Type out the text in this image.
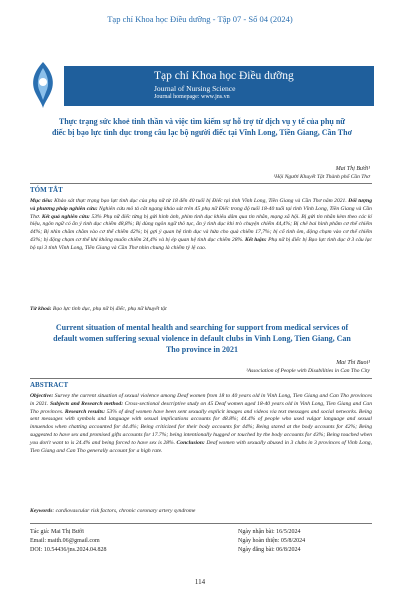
Tạp chí Khoa học Điều dưỡng - Tập 07 - Số 04 (2024)
Tạp chí Khoa học Điều dưỡng
Journal of Nursing Science
Journal homepage: www.jns.vn
Thực trạng sức khoẻ tinh thần và việc tìm kiếm sự hỗ trợ từ dịch vụ y tế của phụ nữ điếc bị bạo lực tình dục trong câu lạc bộ người điếc tại Vĩnh Long, Tiền Giang, Cần Thơ
Mai Thị Bưởi¹
¹Hội Người Khuyết Tật Thành phố Cần Thơ
TÓM TẮT
Mục tiêu: Khảo sát thực trạng bạo lực tình dục của phụ nữ từ 18 đến 40 tuổi bị Điếc tại tỉnh Vĩnh Long, Tiền Giang và Cần Thơ năm 2021. Đối tượng và phương pháp nghiên cứu: Nghiên cứu mô tả cắt ngang khảo sát trên 45 phụ nữ Điếc trong độ tuổi 18-40 tuổi tại tỉnh Vĩnh Long, Tiền Giang và Cần Thơ. Kết quả nghiên cứu: 53% Phụ nữ điếc từng bị gửi hình ảnh, phim tình dục khiêu dâm qua tin nhắn, mạng xã hội. Bị gửi tin nhắn kèm theo các kí hiệu, ngôn ngữ có ẩn ý tình dục chiếm 48,8%; Bị dùng ngôn ngữ thô tục, ẩn ý tình dục khi trò chuyện chiếm 44,4%; Bị chê bai hình phẩm cơ thể chiếm 44%; Bị nhìn chằm chằm vào cơ thể chiếm 42%; bị gợi ý quan hệ tình dục và hứa cho quà chiếm 17,7%; bị cố tình ôm, động chạm vào cơ thể chiếm 43%; bị động chạm cơ thể khi không muốn chiếm 24,4% và bị ép quan hệ tình dục chiếm 28%. Kết luận: Phụ nữ bị điếc bị Bạo lực tình dục ở 3 câu lạc bộ tại 3 tỉnh Vĩnh Long, Tiền Giang và Cần Thơ nhìn chung là chiếm tỷ lệ cao.
Từ khoá: Bạo lực tình dục, phụ nữ bị điếc, phụ nữ khuyết tật
Current situation of mental health and searching for support from medical services of default women suffering sexual violence in default clubs in Vinh Long, Tien Giang, Can Tho province in 2021
Mai Thi Buoi¹
¹Association of People with Disabilities in Can Tho City
ABSTRACT
Objective: Survey the current situation of sexual violence among Deaf women from 18 to 40 years old in Vinh Long, Tien Giang and Can Tho provinces in 2021. Subjects and Research method: Cross-sectional descriptive study on 45 Deaf women aged 18-40 years old in Vinh Long, Tien Giang and Can Tho provinces. Research results: 53% of deaf women have been sent sexually explicit images and videos via text messages and social networks. Being sent messages with symbols and language with sexual implications accounts for 48.8%; 44.4% of people who used vulgar language and sexual innuendos when chatting accounted for 44.4%; Being criticized for their body accounts for 44%; Being stared at the body accounts for 42%; Being suggested to have sex and promised gifts accounts for 17.7%; being intentionally hugged or touched by the body accounts for 43%; Being touched when you don't want to is 24.4% and being forced to have sex is 28%. Conclusion: Deaf women with sexually abused in 3 clubs in 3 provinces of Vinh Long, Tien Giang and Can Tho generally account for a high rate.
Keywords: cardiovascular risk factors, chronic coronary artery syndrome
Tác giả: Mai Thị Bưởi
Email: maith.06@gmail.com
DOI: 10.54436/jns.2024.04.828
Ngày nhận bài: 16/5/2024
Ngày hoàn thiện: 05/8/2024
Ngày đăng bài: 06/8/2024
114
